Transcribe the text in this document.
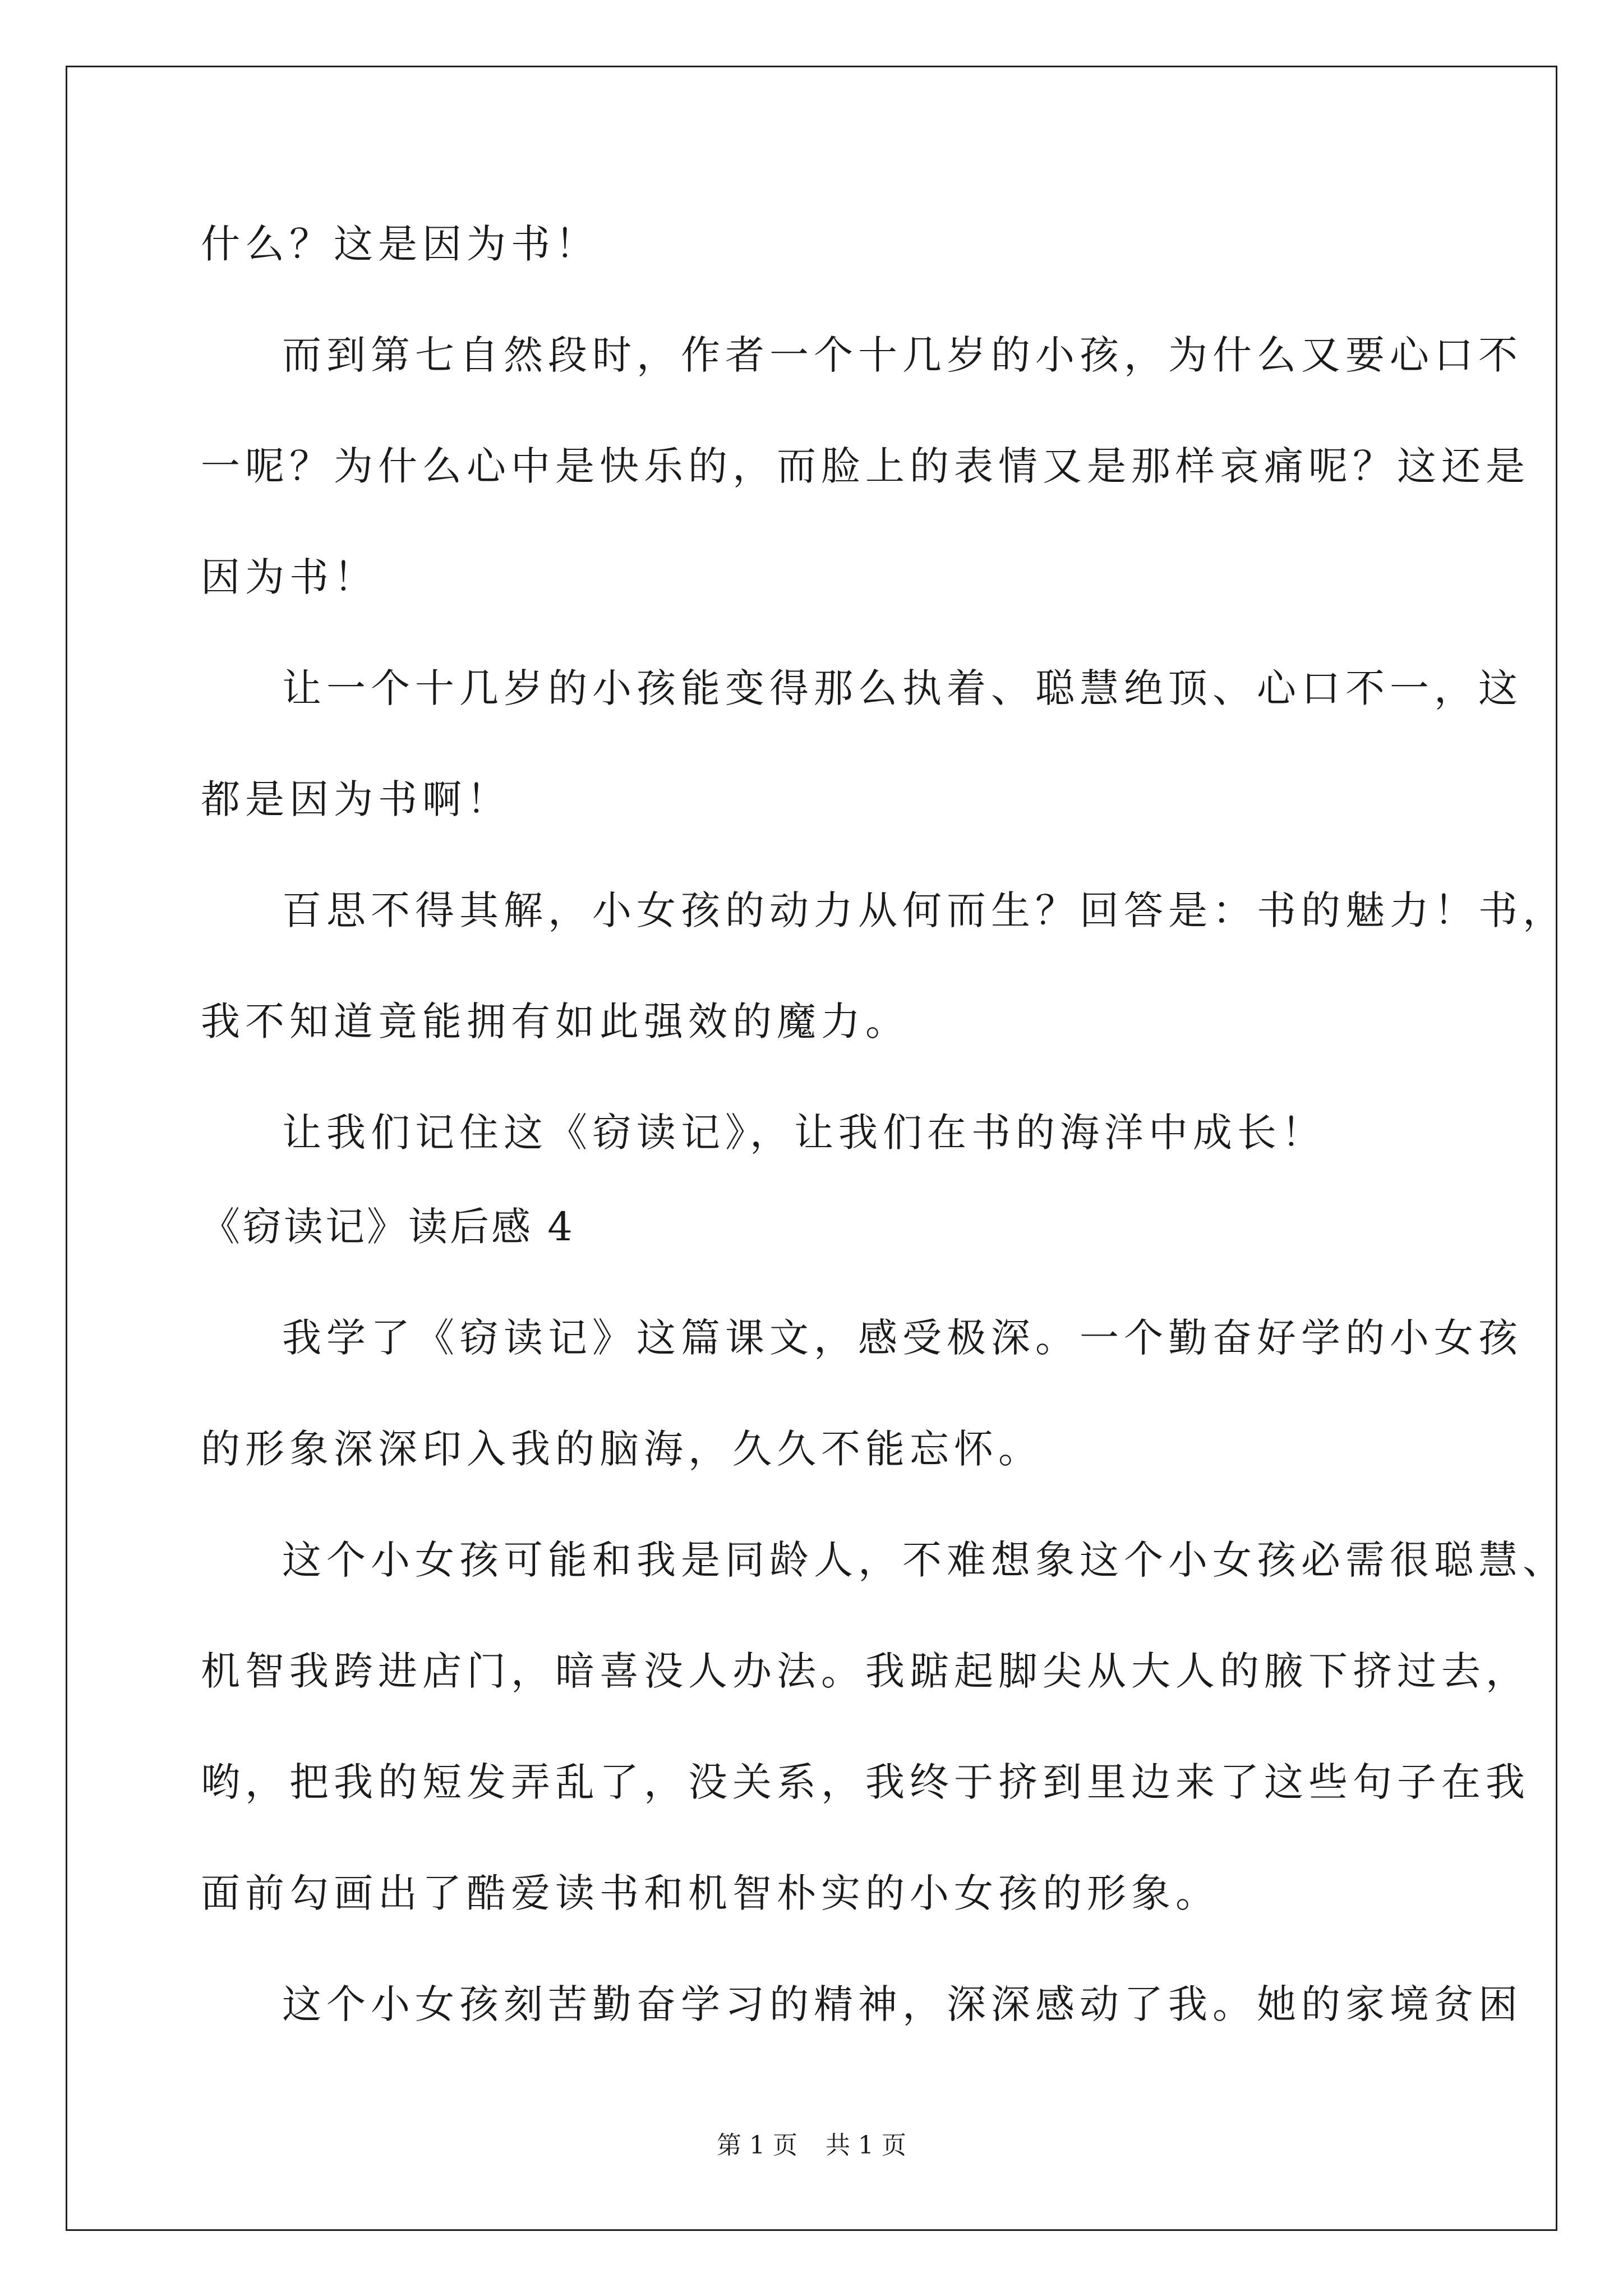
什么？这是因为书！
而到第七自然段时，作者一个十几岁的小孩，为什么又要心口不
一呢？为什么心中是快乐的，而脸上的表情又是那样哀痛呢？这还是
因为书！
让一个十几岁的小孩能变得那么执着、聪慧绝顶、心口不一，这
都是因为书啊！
百思不得其解，小女孩的动力从何而生？回答是：书的魅力！书，
我不知道竟能拥有如此强效的魔力。
让我们记住这《窃读记》，让我们在书的海洋中成长！
《窃读记》读后感 4
我学了《窃读记》这篇课文，感受极深。一个勤奋好学的小女孩
的形象深深印入我的脑海，久久不能忘怀。
这个小女孩可能和我是同龄人，不难想象这个小女孩必需很聪慧、
机智我跨进店门，暗喜没人办法。我踮起脚尖从大人的腋下挤过去，
哟，把我的短发弄乱了，没关系，我终于挤到里边来了这些句子在我
面前勾画出了酷爱读书和机智朴实的小女孩的形象。
这个小女孩刻苦勤奋学习的精神，深深感动了我。她的家境贫困
第 1 页 共 1 页
